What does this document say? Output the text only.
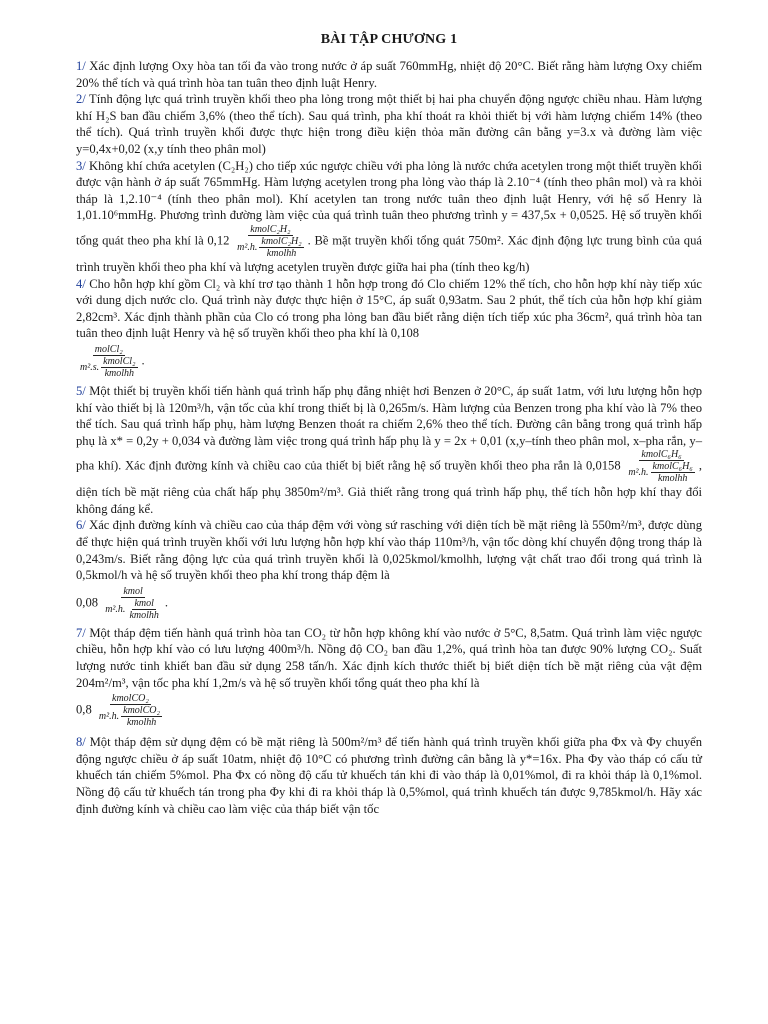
BÀI TẬP CHƯƠNG 1

1/ Xác định lượng Oxy hòa tan tối đa vào trong nước ở áp suất 760mmHg, nhiệt độ 20°C. Biết rằng hàm lượng Oxy chiếm 20% thể tích và quá trình hòa tan tuân theo định luật Henry.

2/ Tính động lực quá trình truyền khối theo pha lỏng trong một thiết bị hai pha chuyển động ngược chiều nhau. Hàm lượng khí H₂S ban đầu chiếm 3,6% (theo thể tích). Sau quá trình, pha khí thoát ra khỏi thiết bị với hàm lượng chiếm 14% (theo thể tích). Quá trình truyền khối được thực hiện trong điều kiện thỏa mãn đường cân bằng y=3.x và đường làm việc y=0,4x+0,02 (x,y tính theo phân mol)

3/ Không khí chứa acetylen (C₂H₂) cho tiếp xúc ngược chiều với pha lỏng là nước chứa acetylen trong một thiết truyền khối được vận hành ở áp suất 765mmHg. Hàm lượng acetylen trong pha lỏng vào tháp là 2.10⁻⁴ (tính theo phân mol) và ra khỏi tháp là 1,2.10⁻⁴ (tính theo phân mol). Khí acetylen tan trong nước tuân theo định luật Henry, với hệ số Henry là 1,01.10⁶mmHg. Phương trình đường làm việc của quá trình tuân theo phương trình y = 437,5x + 0,0525. Hệ số truyền khối tổng quát theo pha khí là 0,12 kmolC₂H₂
m².h.
kmolC₂H₂
kmolhh . Bề mặt truyền khối tổng quát 750m². Xác định động lực trung bình của quá trình truyền khối theo pha khí và lượng acetylen truyền được giữa hai pha (tính theo kg/h)

4/ Cho hỗn hợp khí gồm Cl₂ và khí trơ tạo thành 1 hỗn hợp trong đó Clo chiếm 12% thể tích, cho hỗn hợp khí này tiếp xúc với dung dịch nước clo. Quá trình này được thực hiện ở 15°C, áp suất 0,93atm. Sau 2 phút, thể tích của hỗn hợp khí giảm 2,82cm³. Xác định thành phần của Clo có trong pha lỏng ban đầu biết rằng diện tích tiếp xúc pha 36cm², quá trình hòa tan tuân theo định luật Henry và hệ số truyền khối theo pha khí là 0,108

molCl₂
m².s.
kmolCl₂
kmolhh .

5/ Một thiết bị truyền khối tiến hành quá trình hấp phụ đẳng nhiệt hơi Benzen ở 20°C, áp suất 1atm, với lưu lượng hỗn hợp khí vào thiết bị là 120m³/h, vận tốc của khí trong thiết bị là 0,265m/s. Hàm lượng của Benzen trong pha khí vào là 7% theo thể tích. Sau quá trình hấp phụ, hàm lượng Benzen thoát ra chiếm 2,6% theo thể tích. Đường cân bằng trong quá trình hấp phụ là x* = 0,2y + 0,034 và đường làm việc trong quá trình hấp phụ là y = 2x + 0,01 (x,y–tính theo phân mol, x–pha rắn, y–pha khí). Xác định đường kính và chiều cao của thiết bị biết rằng hệ số truyền khối theo pha rắn là 0,0158 kmolC₆H₆
m².h.
kmolC₆H₆
kmolhh , diện tích bề mặt riêng của chất hấp phụ 3850m²/m³. Giả thiết rằng trong quá trình hấp phụ, thể tích hỗn hợp khí thay đổi không đáng kể.

6/ Xác định đường kính và chiều cao của tháp đệm với vòng sứ rasching với diện tích bề mặt riêng là 550m²/m³, được dùng để thực hiện quá trình truyền khối với lưu lượng hỗn hợp khí vào tháp 110m³/h, vận tốc dòng khí chuyển động trong tháp là 0,243m/s. Biết rằng động lực của quá trình truyền khối là 0,025kmol/kmolhh, lượng vật chất trao đổi trong quá trình là 0,5kmol/h và hệ số truyền khối theo pha khí trong tháp đệm là

0,08 kmol
m².h.
kmol
kmolhh .

7/ Một tháp đệm tiến hành quá trình hòa tan CO₂ từ hỗn hợp không khí vào nước ở 5°C, 8,5atm. Quá trình làm việc ngược chiều, hỗn hợp khí vào có lưu lượng 400m³/h. Nồng độ CO₂ ban đầu 1,2%, quá trình hòa tan được 90% lượng CO₂. Suất lượng nước tinh khiết ban đầu sử dụng 258 tấn/h. Xác định kích thước thiết bị biết diện tích bề mặt riêng của vật đệm 204m²/m³, vận tốc pha khí 1,2m/s và hệ số truyền khối tổng quát theo pha khí là

0,8 kmolCO₂
m².h.
kmolCO₂
kmolhh

8/ Một tháp đệm sử dụng đệm có bề mặt riêng là 500m²/m³ để tiến hành quá trình truyền khối giữa pha Φx và Φy chuyển động ngược chiều ở áp suất 10atm, nhiệt độ 10°C có phương trình đường cân bằng là y*=16x. Pha Φy vào tháp có cấu tử khuếch tán chiếm 5%mol. Pha Φx có nồng độ cấu tử khuếch tán khi đi vào tháp là 0,01%mol, đi ra khỏi tháp là 0,1%mol. Nồng độ cấu tử khuếch tán trong pha Φy khi đi ra khỏi tháp là 0,5%mol, quá trình khuếch tán được 9,785kmol/h. Hãy xác định đường kính và chiều cao làm việc của tháp biết vận tốc
